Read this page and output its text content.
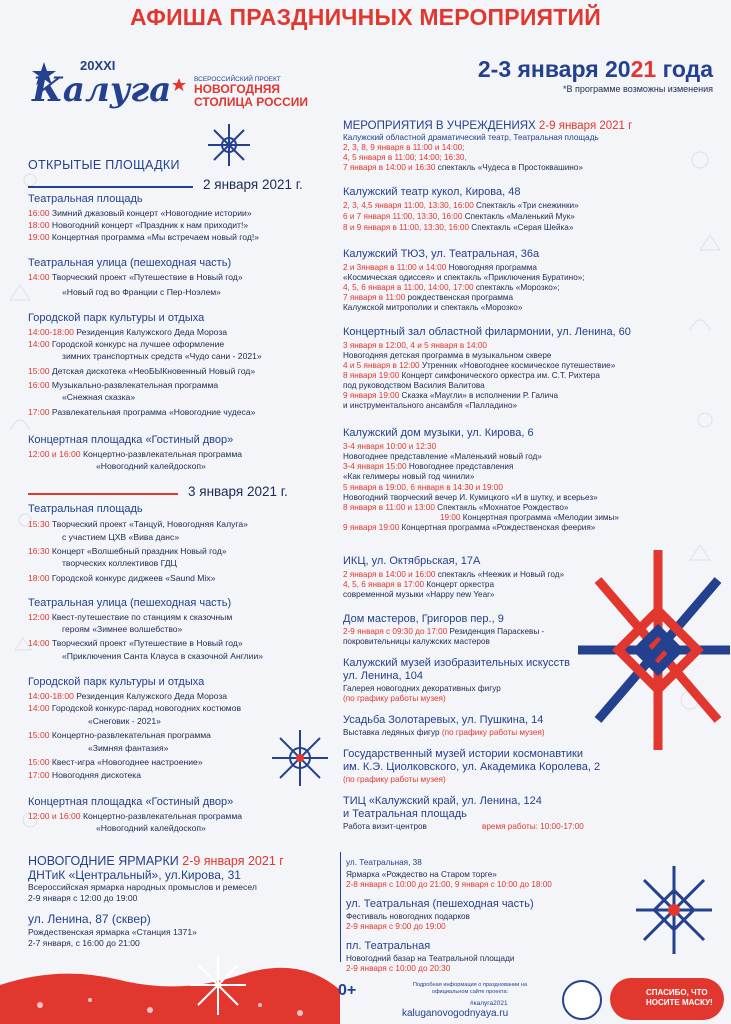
АФИША ПРАЗДНИЧНЫХ МЕРОПРИЯТИЙ
2-3 января 2021 года
*В программе возможны изменения
20XXI
Калуга	ВСЕРОССИЙСКИЙ ПРОЕКТ
НОВОГОДНЯЯ
СТОЛИЦА РОССИИ
ОТКРЫТЫЕ ПЛОЩАДКИ
2 января 2021 г.
Театральная площадь
16:00 Зимний джазовый концерт «Новогодние истории»
18:00 Новогодний концерт «Праздник к нам приходит!»
19:00 Концертная программа «Мы встречаем новый год!»
Театральная улица (пешеходная часть)
14:00 Творческий проект «Путешествие в Новый год»
«Новый год во Франции с Пер-Ноэлем»
Городской парк культуры и отдыха
14:00-18:00 Резиденция Калужского Деда Мороза
14:00 Городской конкурс на лучшее оформление
зимних транспортных средств «Чудо сани - 2021»
15:00 Детская дискотека «НеоБЫКновенный Новый год»
16:00 Музыкально-развлекательная программа
«Снежная сказка»
17:00 Развлекательная программа «Новогодние чудеса»
Концертная площадка «Гостиный двор»
12:00 и 16:00 Концертно-развлекательная программа
«Новогодний калейдоскоп»
3 января 2021 г.
Театральная площадь
15:30 Творческий проект «Танцуй, Новогодняя Калуга»
с участием ЦХВ «Вива данс»
16:30 Концерт «Волшебный праздник Новый год»
творческих коллективов ГДЦ
18:00 Городской конкурс диджеев «Saund Mix»
Театральная улица (пешеходная часть)
12:00 Квест-путешествие по станциям к сказочным
героям «Зимнее волшебство»
14:00 Творческий проект «Путешествие в Новый год»
«Приключения Санта Клауса в сказочной Англии»
Городской парк культуры и отдыха
14:00-18:00 Резиденция Калужского Деда Мороза
14:00 Городской конкурс-парад новогодних костюмов
«Снеговик - 2021»
15:00 Концертно-развлекательная программа
«Зимняя фантазия»
15:00 Квест-игра «Новогоднее настроение»
17:00 Новогодняя дискотека
Концертная площадка «Гостиный двор»
12:00 и 16:00 Концертно-развлекательная программа
«Новогодний калейдоскоп»
НОВОГОДНИЕ ЯРМАРКИ 2-9 января 2021 г
ДНТиК «Центральный», ул.Кирова, 31
Всероссийская ярмарка народных промыслов и ремесел
2-9 января с 12:00 до 19:00
ул. Ленина, 87 (сквер)
Рождественская ярмарка «Станция 1371»
2-7 января, с 16:00 до 21:00
МЕРОПРИЯТИЯ В УЧРЕЖДЕНИЯХ 2-9 января 2021 г
Калужский областной драматический театр, Театральная площадь
2, 3, 8, 9 января в 11:00 и 14:00;
4, 5 января в 11:00; 14:00; 16:30,
7 января в 14:00 и 16:30 спектакль «Чудеса в Простоквашино»
Калужский театр кукол, Кирова, 48
2, 3, 4,5 января 11:00, 13:30, 16:00 Спектакль «Три снежинки»
6 и 7 января 11:00, 13:30, 16:00 Спектакль «Маленький Мук»
8 и 9 января в 11:00, 13:30, 16:00 Спектакль «Серая Шейка»
Калужский ТЮЗ, ул. Театральная, 36а
2 и 3января в 11:00 и 14:00 Новогодняя программа
«Космическая одиссея» и спектакль «Приключения Буратино»;
4, 5, 6 января в 11:00, 14:00, 17:00 спектакль «Морозко»;
7 января в 11:00 рождественская программа
Калужской митрополии и спектакль «Морозко»
Концертный зал областной филармонии, ул. Ленина, 60
3 января в 12:00, 4 и 5 января в 14:00
Новогодняя детская программа в музыкальном сквере
4 и 5 января в 12:00 Утренник «Новогоднее космическое путешествие»
8 января 19:00 Концерт симфонического оркестра им. С.Т. Рихтера
под руководством Василия Валитова
9 января 19:00 Сказка «Маугли» в исполнении Р. Галича
и инструментального ансамбля «Палладино»
Калужский дом музыки, ул. Кирова, 6
3-4 января 10:00 и 12:30
Новогоднее представление «Маленький новый год»
3-4 января 15:00 Новогоднее представления
«Как гелимеры новый год чинили»
5 января в 19:00, 6 января в 14:30 и 19:00
Новогодний творческий вечер И. Кумицкого «И в шутку, и всерьез»
8 января в 11:00 и 13:00 Спектакль «Мохнатое Рождество»
19:00 Концертная программа «Мелодии зимы»
9 января 19:00 Концертная программа «Рождественская феерия»
ИКЦ, ул. Октябрьская, 17А
2 января в 14:00 и 16:00 спектакль «Неежик и Новый год»
4, 5, 6 января в 17:00 Концерт оркестра
современной музыки «Happy new Year»
Дом мастеров, Григоров пер., 9
2-9 января с 09:30 до 17:00 Резиденция Параскевы -
покровительницы калужских мастеров
Калужский музей изобразительных искусств
ул. Ленина, 104
Галерея новогодних декоративных фигур
(по графику работы музея)
Усадьба Золотаревых, ул. Пушкина, 14
Выставка ледяных фигур (по графику работы музея)
Государственный музей истории космонавтики
им. К.Э. Циолковского, ул. Академика Королева, 2
(по графику работы музея)
ТИЦ «Калужский край, ул. Ленина, 124
и Театральная площадь
Работа визит-центров	время работы: 10:00-17:00
ул. Театральная, 38
Ярмарка «Рождество на Старом торге»
2-8 января с 10:00 до 21:00, 9 января с 10:00 до 18:00
ул. Театральная (пешеходная часть)
Фестиваль новогодних подарков
2-9 января с 9:00 до 19:00
пл. Театральная
Новогодний базар на Театральной площади
2-9 января с 10:00 до 20:30
0+	Подробная информация о праздновании на официальном сайте проекта:
#калуга2021
kaluganovogodnyaya.ru
СПАСИБО, ЧТО НОСИТЕ МАСКУ!
